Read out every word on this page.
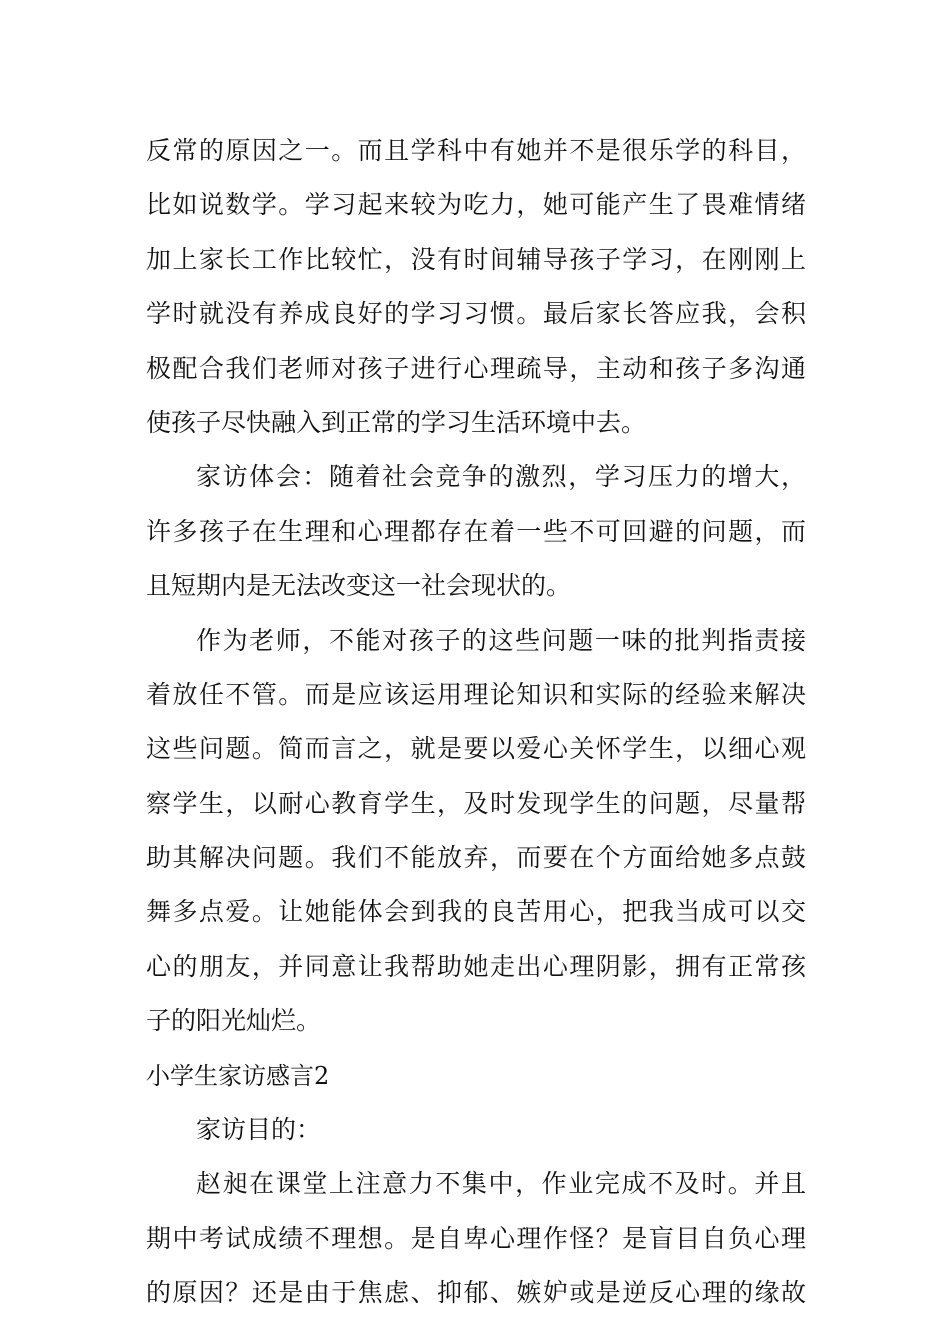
反常的原因之一。而且学科中有她并不是很乐学的科目，
比如说数学。学习起来较为吃力，她可能产生了畏难情绪
加上家长工作比较忙，没有时间辅导孩子学习，在刚刚上
学时就没有养成良好的学习习惯。最后家长答应我，会积
极配合我们老师对孩子进行心理疏导，主动和孩子多沟通
使孩子尽快融入到正常的学习生活环境中去。
家访体会：随着社会竞争的激烈，学习压力的增大，
许多孩子在生理和心理都存在着一些不可回避的问题，而
且短期内是无法改变这一社会现状的。
作为老师，不能对孩子的这些问题一味的批判指责接
着放任不管。而是应该运用理论知识和实际的经验来解决
这些问题。简而言之，就是要以爱心关怀学生，以细心观
察学生，以耐心教育学生，及时发现学生的问题，尽量帮
助其解决问题。我们不能放弃，而要在个方面给她多点鼓
舞多点爱。让她能体会到我的良苦用心，把我当成可以交
心的朋友，并同意让我帮助她走出心理阴影，拥有正常孩
子的阳光灿烂。
小学生家访感言2
家访目的：
赵昶在课堂上注意力不集中，作业完成不及时。并且
期中考试成绩不理想。是自卑心理作怪？是盲目自负心理
的原因？还是由于焦虑、抑郁、嫉妒或是逆反心理的缘故
